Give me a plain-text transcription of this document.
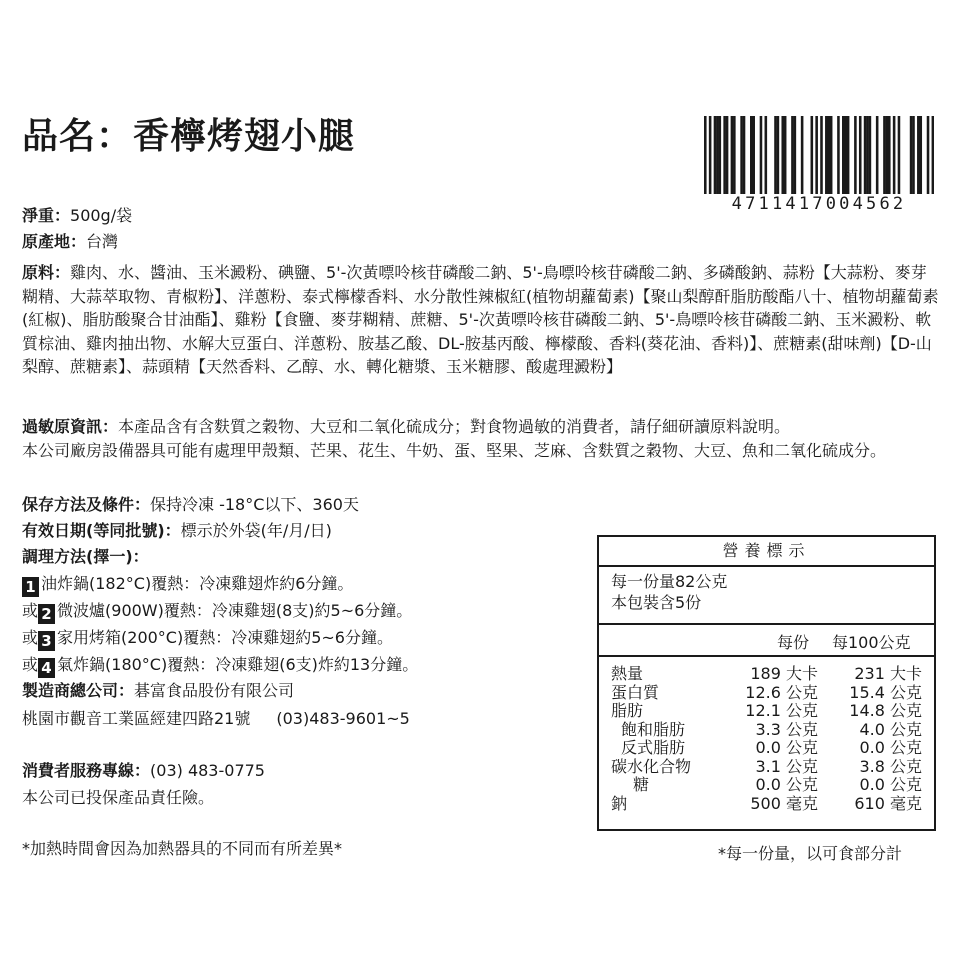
品名：香檸烤翅小腿
4711417004562
淨重：500g/袋
原產地：台灣
原料：雞肉、水、醬油、玉米澱粉、碘鹽、5'-次黃嘌呤核苷磷酸二鈉、5'-鳥嘌呤核苷磷酸二鈉、多磷酸鈉、蒜粉【大蒜粉、麥芽糊精、大蒜萃取物、青椒粉】、洋蔥粉、泰式檸檬香料、水分散性辣椒紅(植物胡蘿蔔素)【聚山梨醇酐脂肪酸酯八十、植物胡蘿蔔素(紅椒)、脂肪酸聚合甘油酯】、雞粉【食鹽、麥芽糊精、蔗糖、5'-次黃嘌呤核苷磷酸二鈉、5'-鳥嘌呤核苷磷酸二鈉、玉米澱粉、軟質棕油、雞肉抽出物、水解大豆蛋白、洋蔥粉、胺基乙酸、DL-胺基丙酸、檸檬酸、香料(葵花油、香料)】、蔗糖素(甜味劑)【D-山梨醇、蔗糖素】、蒜頭精【天然香料、乙醇、水、轉化糖漿、玉米糖膠、酸處理澱粉】
過敏原資訊：本產品含有含麩質之穀物、大豆和二氧化硫成分；對食物過敏的消費者，請仔細研讀原料說明。
本公司廠房設備器具可能有處理甲殼類、芒果、花生、牛奶、蛋、堅果、芝麻、含麩質之穀物、大豆、魚和二氧化硫成分。
保存方法及條件：保持冷凍 -18°C以下、360天
有效日期(等同批號)：標示於外袋(年/月/日)
調理方法(擇一)：
1 油炸鍋(182°C)覆熱：冷凍雞翅炸約6分鐘。
或 2 微波爐(900W)覆熱：冷凍雞翅(8支)約5~6分鐘。
或 3 家用烤箱(200°C)覆熱：冷凍雞翅約5~6分鐘。
或 4 氣炸鍋(180°C)覆熱：冷凍雞翅(6支)炸約13分鐘。
製造商總公司：碁富食品股份有限公司
桃園市觀音工業區經建四路21號 (03)483-9601~5
消費者服務專線：(03) 483-0775
本公司已投保產品責任險。
*加熱時間會因為加熱器具的不同而有所差異*
營養標示
每一份量82公克
本包裝含5份
每份 每100公克
熱量	189 大卡 231 大卡
蛋白質	12.6 公克 15.4 公克
脂肪	12.1 公克 14.8 公克
飽和脂肪	3.3 公克	4.0 公克
反式脂肪	0.0 公克	0.0 公克
碳水化合物	3.1 公克	3.8 公克
糖	0.0 公克	0.0 公克
鈉	500 毫克 610 毫克
*每一份量，以可食部分計
